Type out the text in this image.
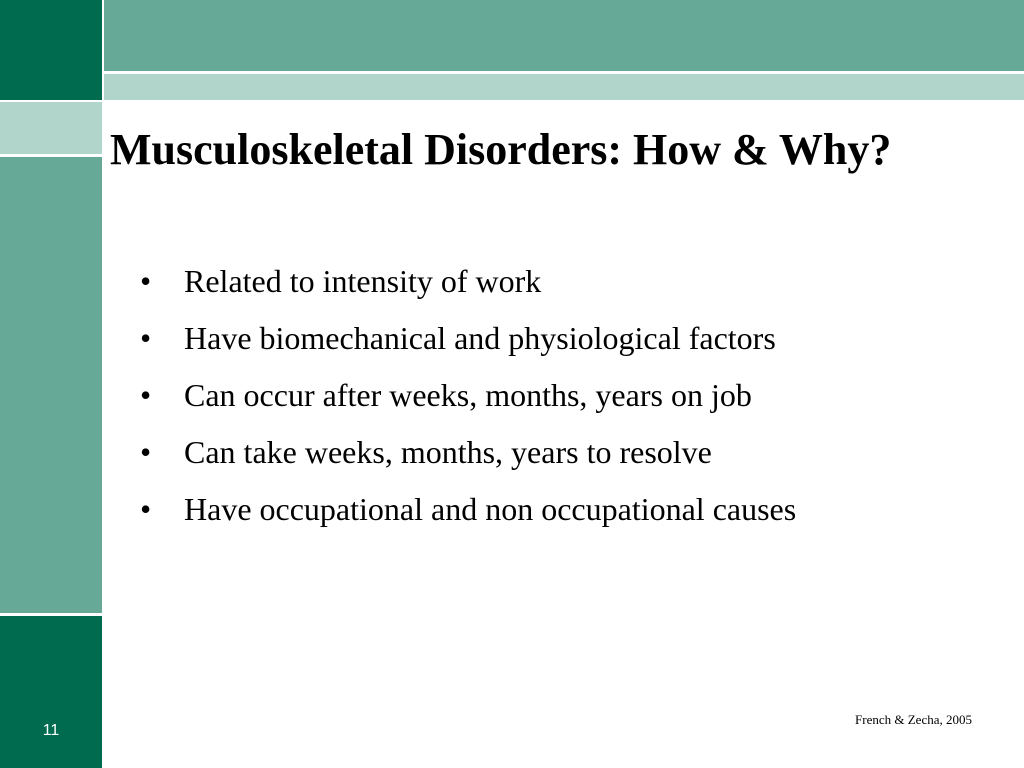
Musculoskeletal Disorders: How & Why?
• Related to intensity of work
• Have biomechanical and physiological factors
• Can occur after weeks, months, years on job
• Can take weeks, months, years to resolve
• Have occupational and non occupational causes
11
French & Zecha, 2005
